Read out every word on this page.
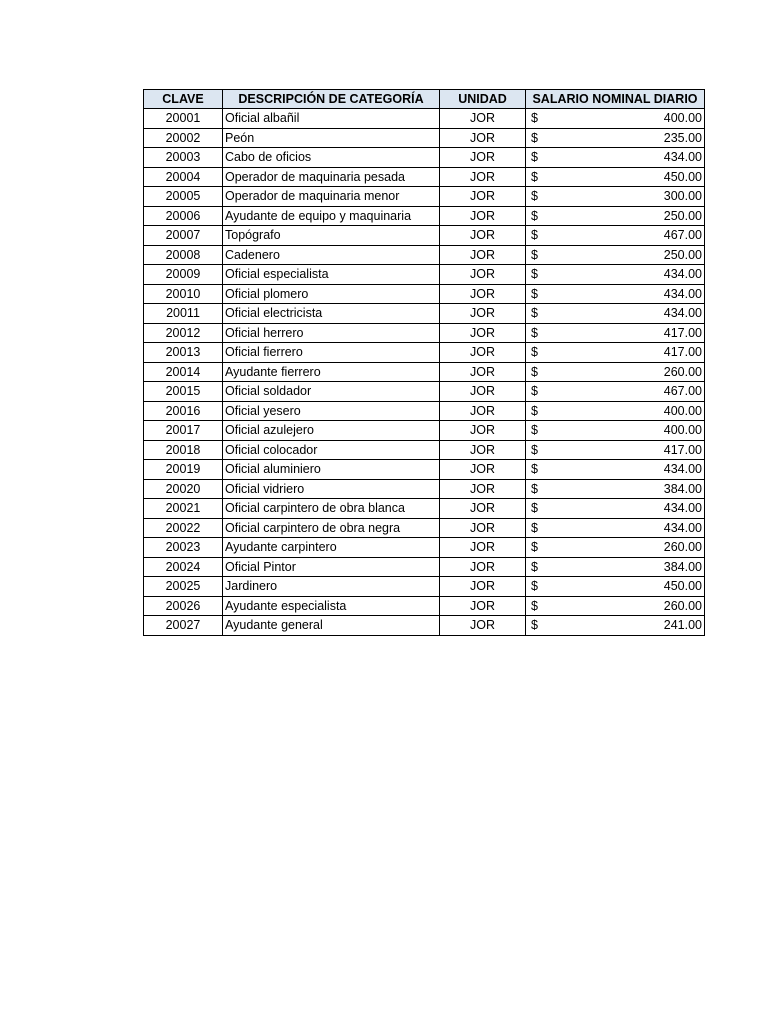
CLAVE	DESCRIPCIÓN DE CATEGORÍA	UNIDAD	SALARIO NOMINAL DIARIO
20001	Oficial albañil	JOR	$ 400.00
20002	Peón	JOR	$ 235.00
20003	Cabo de oficios	JOR	$ 434.00
20004	Operador de maquinaria pesada	JOR	$ 450.00
20005	Operador de maquinaria menor	JOR	$ 300.00
20006	Ayudante de equipo y maquinaria	JOR	$ 250.00
20007	Topógrafo	JOR	$ 467.00
20008	Cadenero	JOR	$ 250.00
20009	Oficial especialista	JOR	$ 434.00
20010	Oficial plomero	JOR	$ 434.00
20011	Oficial electricista	JOR	$ 434.00
20012	Oficial herrero	JOR	$ 417.00
20013	Oficial fierrero	JOR	$ 417.00
20014	Ayudante fierrero	JOR	$ 260.00
20015	Oficial soldador	JOR	$ 467.00
20016	Oficial yesero	JOR	$ 400.00
20017	Oficial azulejero	JOR	$ 400.00
20018	Oficial colocador	JOR	$ 417.00
20019	Oficial aluminiero	JOR	$ 434.00
20020	Oficial vidriero	JOR	$ 384.00
20021	Oficial carpintero de obra blanca	JOR	$ 434.00
20022	Oficial carpintero de obra negra	JOR	$ 434.00
20023	Ayudante carpintero	JOR	$ 260.00
20024	Oficial Pintor	JOR	$ 384.00
20025	Jardinero	JOR	$ 450.00
20026	Ayudante especialista	JOR	$ 260.00
20027	Ayudante general	JOR	$ 241.00
